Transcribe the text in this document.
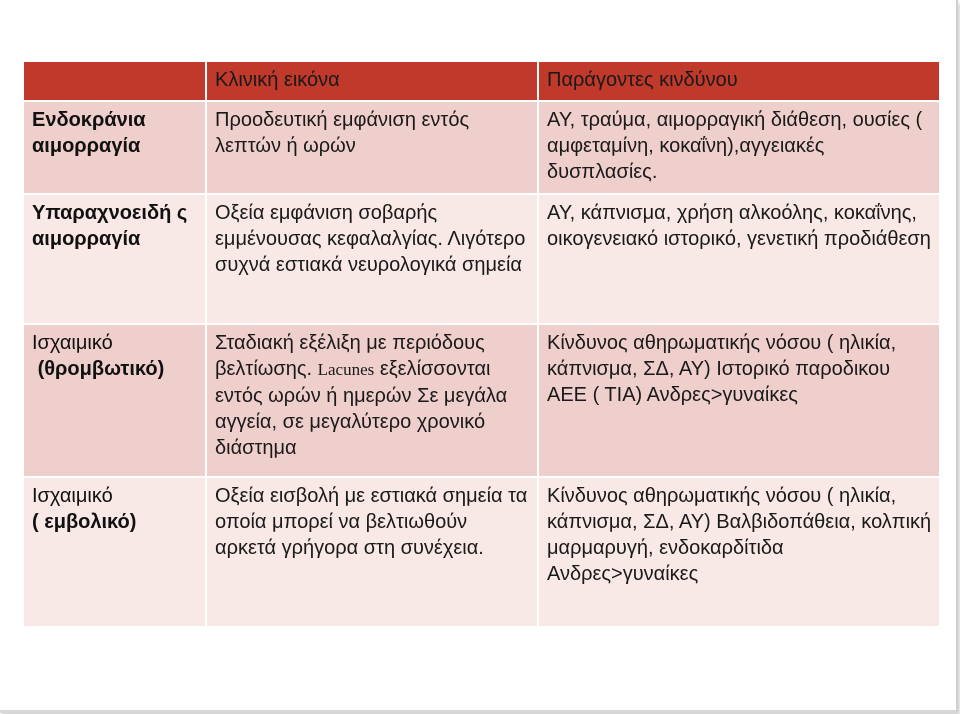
	Κλινική εικόνα	Παράγοντες κινδύνου
Ενδοκράνια αιμορραγία	Προοδευτική εμφάνιση εντός λεπτών ή ωρών	ΑΥ, τραύμα, αιμορραγική διάθεση, ουσίες ( αμφεταμίνη, κοκαΐνη),αγγειακές δυσπλασίες.
Υπαραχνοειδή ς αιμορραγία	Οξεία εμφάνιση σοβαρής εμμένουσας κεφαλαλγίας. Λιγότερο συχνά εστιακά νευρολογικά σημεία	ΑΥ, κάπνισμα, χρήση αλκοόλης, κοκαΐνης, οικογενειακό ιστορικό, γενετική προδιάθεση
Ισχαιμικό
(θρομβωτικό)	Σταδιακή εξέλιξη με περιόδους βελτίωσης. Lacunes εξελίσσονται εντός ωρών ή ημερών Σε μεγάλα αγγεία, σε μεγαλύτερο χρονικό διάστημα	Κίνδυνος αθηρωματικής νόσου ( ηλικία, κάπνισμα, ΣΔ, ΑΥ) Ιστορικό παροδικου ΑΕΕ ( ΤΙΑ) Ανδρες>γυναίκες
Ισχαιμικό
( εμβολικό)	Οξεία εισβολή με εστιακά σημεία τα οποία μπορεί να βελτιωθούν αρκετά γρήγορα στη συνέχεια.	Κίνδυνος αθηρωματικής νόσου ( ηλικία, κάπνισμα, ΣΔ, ΑΥ) Βαλβιδοπάθεια, κολπική μαρμαρυγή, ενδοκαρδίτιδα Ανδρες>γυναίκες
